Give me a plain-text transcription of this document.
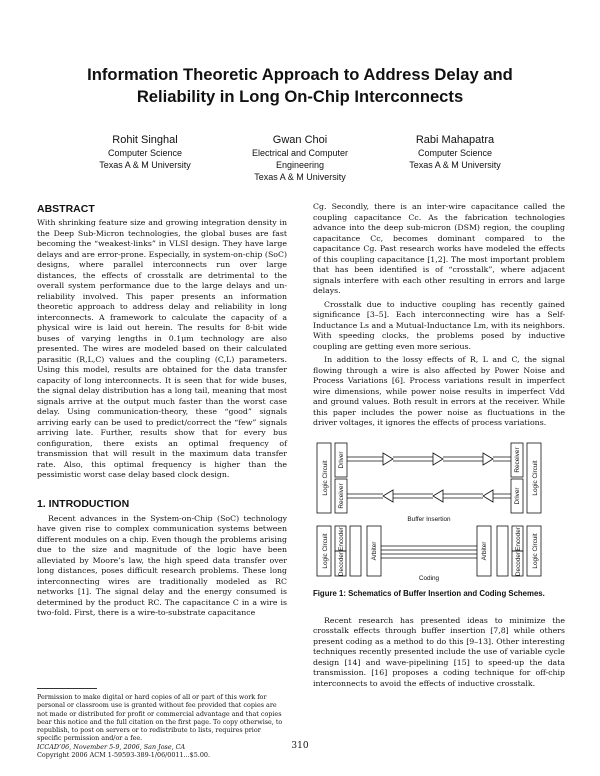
Information Theoretic Approach to Address Delay and
Reliability in Long On-Chip Interconnects
Rohit Singhal
Computer Science
Texas A & M University
Gwan Choi
Electrical and Computer
Engineering
Texas A & M University
Rabi Mahapatra
Computer Science
Texas A & M University
ABSTRACT

With shrinking feature size and growing integration density in the Deep Sub-Micron technologies, the global buses are fast becoming the “weakest-links” in VLSI design. They have large delays and are error-prone. Especially, in system-on-chip (SoC) designs, where parallel interconnects run over large distances, the effects of crosstalk are detrimental to the overall system performance due to the large delays and un-reliability involved. This paper presents an information theoretic approach to address delay and reliability in long interconnects. A framework to calculate the capacity of a physical wire is laid out herein. The results for 8-bit wide buses of varying lengths in 0.1μm technology are also presented. The wires are modeled based on their calculated parasitic (R,L,C) values and the coupling (C,L) parameters. Using this model, results are obtained for the data transfer capacity of long interconnects. It is seen that for wide buses, the signal delay distribution has a long tail, meaning that most signals arrive at the output much faster than the worst case delay. Using communication-theory, these “good” signals arriving early can be used to predict/correct the “few” signals arriving late. Further, results show that for every bus configuration, there exists an optimal frequency of transmission that will result in the maximum data transfer rate. Also, this optimal frequency is higher than the pessimistic worst case delay based clock design.

1. INTRODUCTION

Recent advances in the System-on-Chip (SoC) technology have given rise to complex communication systems between different modules on a chip. Even though the problems arising due to the size and magnitude of the logic have been alleviated by Moore’s law, the high speed data transfer over long distances, poses difficult research problems. These long interconnecting wires are traditionally modeled as RC networks [1]. The signal delay and the energy consumed is determined by the product RC. The capacitance C in a wire is two-fold. First, there is a wire-to-substrate capacitance

Cg. Secondly, there is an inter-wire capacitance called the coupling capacitance Cc. As the fabrication technologies advance into the deep sub-micron (DSM) region, the coupling capacitance Cc, becomes dominant compared to the capacitance Cg. Past research works have modeled the effects of this coupling capacitance [1,2]. The most important problem that has been identified is of “crosstalk”, where adjacent signals interfere with each other resulting in errors and large delays.

Crosstalk due to inductive coupling has recently gained significance [3–5]. Each interconnecting wire has a Self-Inductance Ls and a Mutual-Inductance Lm, with its neighbors. With speeding clocks, the problems posed by inductive coupling are getting even more serious.

In addition to the lossy effects of R, L and C, the signal flowing through a wire is also affected by Power Noise and Process Variations [6]. Process variations result in imperfect wire dimensions, while power noise results in imperfect Vdd and ground values. Both result in errors at the receiver. While this paper includes the power noise as fluctuations in the driver voltages, it ignores the effects of process variations.

Logic Circuit	Logic Circuit
Driver
Receiver
Receiver
Driver
Buffer Insertion
Logic Circuit	Logic Circuit
Encoder
Decoder
Encoder
Decoder
Arbiter	Arbiter
Coding
Figure 1: Schematics of Buffer Insertion and Coding Schemes.

Recent research has presented ideas to minimize the crosstalk effects through buffer insertion [7,8] while others present coding as a method to do this [9–13]. Other interesting techniques recently presented include the use of variable cycle design [14] and wave-pipelining [15] to speed-up the data transmission. [16] proposes a coding technique for off-chip interconnects to avoid the effects of inductive crosstalk.

Permission to make digital or hard copies of all or part of this work for personal or classroom use is granted without fee provided that copies are not made or distributed for profit or commercial advantage and that copies bear this notice and the full citation on the first page. To copy otherwise, to republish, to post on servers or to redistribute to lists, requires prior specific permission and/or a fee.
ICCAD’06, November 5-9, 2006, San Jose, CA
Copyright 2006 ACM 1-59593-389-1/06/0011...$5.00.
310
